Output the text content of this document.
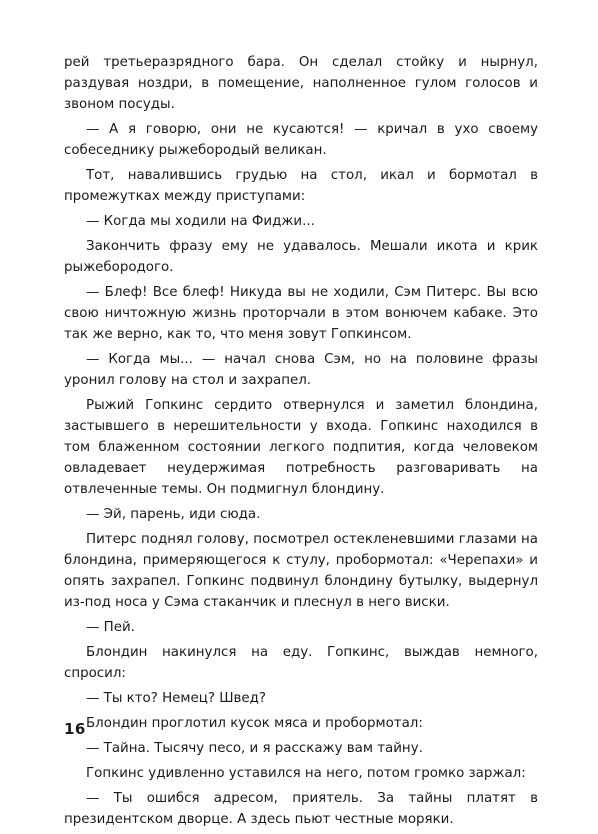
рей третьеразрядного бара. Он сделал стойку и нырнул, раздувая ноздри, в помещение, наполненное гулом голосов и звоном посуды.

— А я говорю, они не кусаются! — кричал в ухо своему собеседнику рыжебородый великан.

Тот, навалившись грудью на стол, икал и бормотал в промежутках между приступами:

— Когда мы ходили на Фиджи...

Закончить фразу ему не удавалось. Мешали икота и крик рыжебородого.

— Блеф! Все блеф! Никуда вы не ходили, Сэм Питерс. Вы всю свою ничтожную жизнь проторчали в этом вонючем кабаке. Это так же верно, как то, что меня зовут Гопкинсом.

— Когда мы... — начал снова Сэм, но на половине фразы уронил голову на стол и захрапел.

Рыжий Гопкинс сердито отвернулся и заметил блондина, застывшего в нерешительности у входа. Гопкинс находился в том блаженном состоянии легкого подпития, когда человеком овладевает неудержимая потребность разговаривать на отвлеченные темы. Он подмигнул блондину.

— Эй, парень, иди сюда.

Питерс поднял голову, посмотрел остекленевшими глазами на блондина, примеряющегося к стулу, пробормотал: «Черепахи» и опять захрапел. Гопкинс подвинул блондину бутылку, выдернул из-под носа у Сэма стаканчик и плеснул в него виски.

— Пей.

Блондин накинулся на еду. Гопкинс, выждав немного, спросил:

— Ты кто? Немец? Швед?

Блондин проглотил кусок мяса и пробормотал:

— Тайна. Тысячу песо, и я расскажу вам тайну.

Гопкинс удивленно уставился на него, потом громко заржал:

— Ты ошибся адресом, приятель. За тайны платят в президентском дворце. А здесь пьют честные моряки.

16
